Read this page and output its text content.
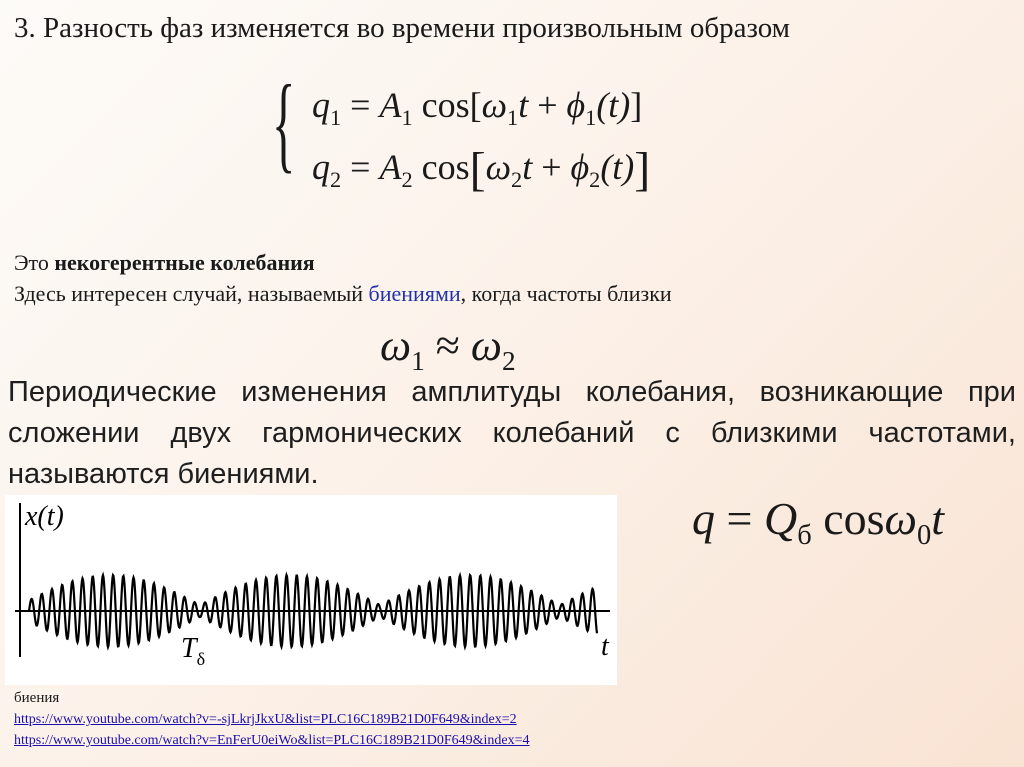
3. Разность фаз изменяется во времени произвольным образом
{ $q_1 = A_1$ $\cos[\omega_1t + \phi_1(t)]$
$q_2 = A_2$ $\cos[\omega_2t + \phi_2(t)]$
Это некогерентные колебания
Здесь интересен случай, называемый биениями, когда частоты близки
$\omega_1 \approx \omega_2$
Периодические изменения амплитуды колебания, возникающие при сложении двух гармонических колебаний с близкими частотами, называются биениями.
$q = Q_б$ cosω$_0$t
x(t)
t
$T_\delta$
биения
https://www.youtube.com/watch?v=-sjLkrjJkxU&list=PLC16C189B21D0F649&index=2
https://www.youtube.com/watch?v=EnFerU0eiWo&list=PLC16C189B21D0F649&index=4
